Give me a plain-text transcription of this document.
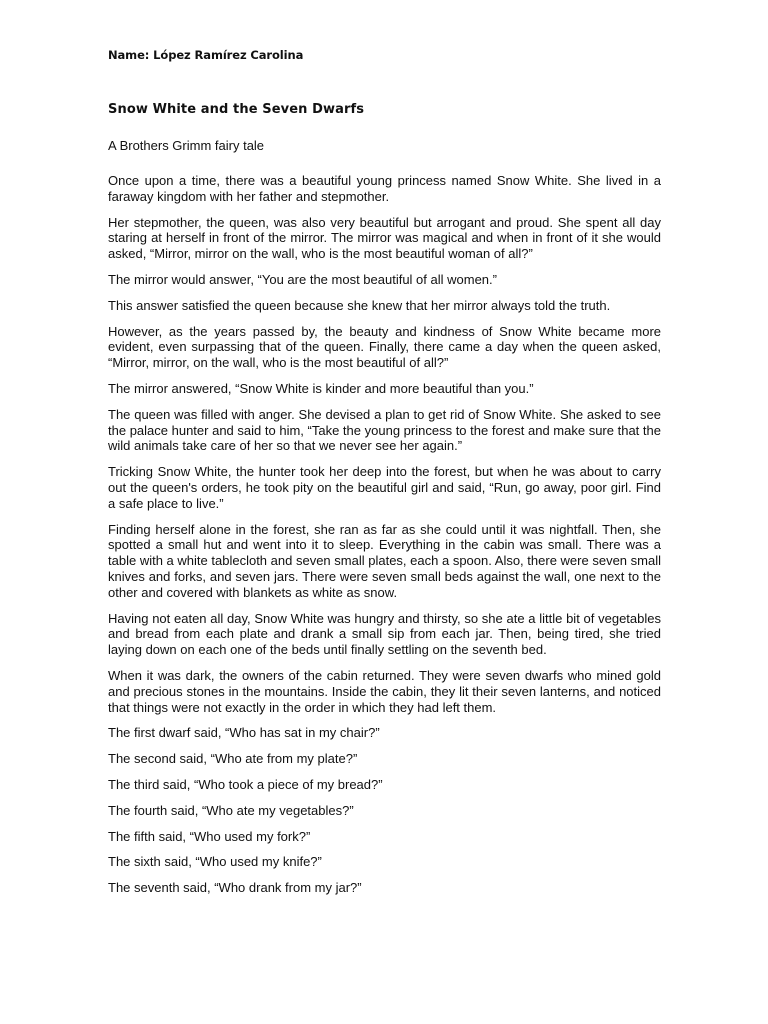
Name: López Ramírez Carolina
Snow White and the Seven Dwarfs
A Brothers Grimm fairy tale

Once upon a time, there was a beautiful young princess named Snow White. She lived in a faraway kingdom with her father and stepmother.

Her stepmother, the queen, was also very beautiful but arrogant and proud. She spent all day staring at herself in front of the mirror. The mirror was magical and when in front of it she would asked, “Mirror, mirror on the wall, who is the most beautiful woman of all?”

The mirror would answer, “You are the most beautiful of all women.”

This answer satisfied the queen because she knew that her mirror always told the truth.

However, as the years passed by, the beauty and kindness of Snow White became more evident, even surpassing that of the queen. Finally, there came a day when the queen asked, “Mirror, mirror, on the wall, who is the most beautiful of all?”

The mirror answered, “Snow White is kinder and more beautiful than you.”

The queen was filled with anger. She devised a plan to get rid of Snow White. She asked to see the palace hunter and said to him, “Take the young princess to the forest and make sure that the wild animals take care of her so that we never see her again.”

Tricking Snow White, the hunter took her deep into the forest, but when he was about to carry out the queen's orders, he took pity on the beautiful girl and said, “Run, go away, poor girl. Find a safe place to live.”

Finding herself alone in the forest, she ran as far as she could until it was nightfall. Then, she spotted a small hut and went into it to sleep. Everything in the cabin was small. There was a table with a white tablecloth and seven small plates, each a spoon. Also, there were seven small knives and forks, and seven jars. There were seven small beds against the wall, one next to the other and covered with blankets as white as snow.

Having not eaten all day, Snow White was hungry and thirsty, so she ate a little bit of vegetables and bread from each plate and drank a small sip from each jar. Then, being tired, she tried laying down on each one of the beds until finally settling on the seventh bed.

When it was dark, the owners of the cabin returned. They were seven dwarfs who mined gold and precious stones in the mountains. Inside the cabin, they lit their seven lanterns, and noticed that things were not exactly in the order in which they had left them.

The first dwarf said, “Who has sat in my chair?”

The second said, “Who ate from my plate?”

The third said, “Who took a piece of my bread?”

The fourth said, “Who ate my vegetables?”

The fifth said, “Who used my fork?”

The sixth said, “Who used my knife?”

The seventh said, “Who drank from my jar?”
